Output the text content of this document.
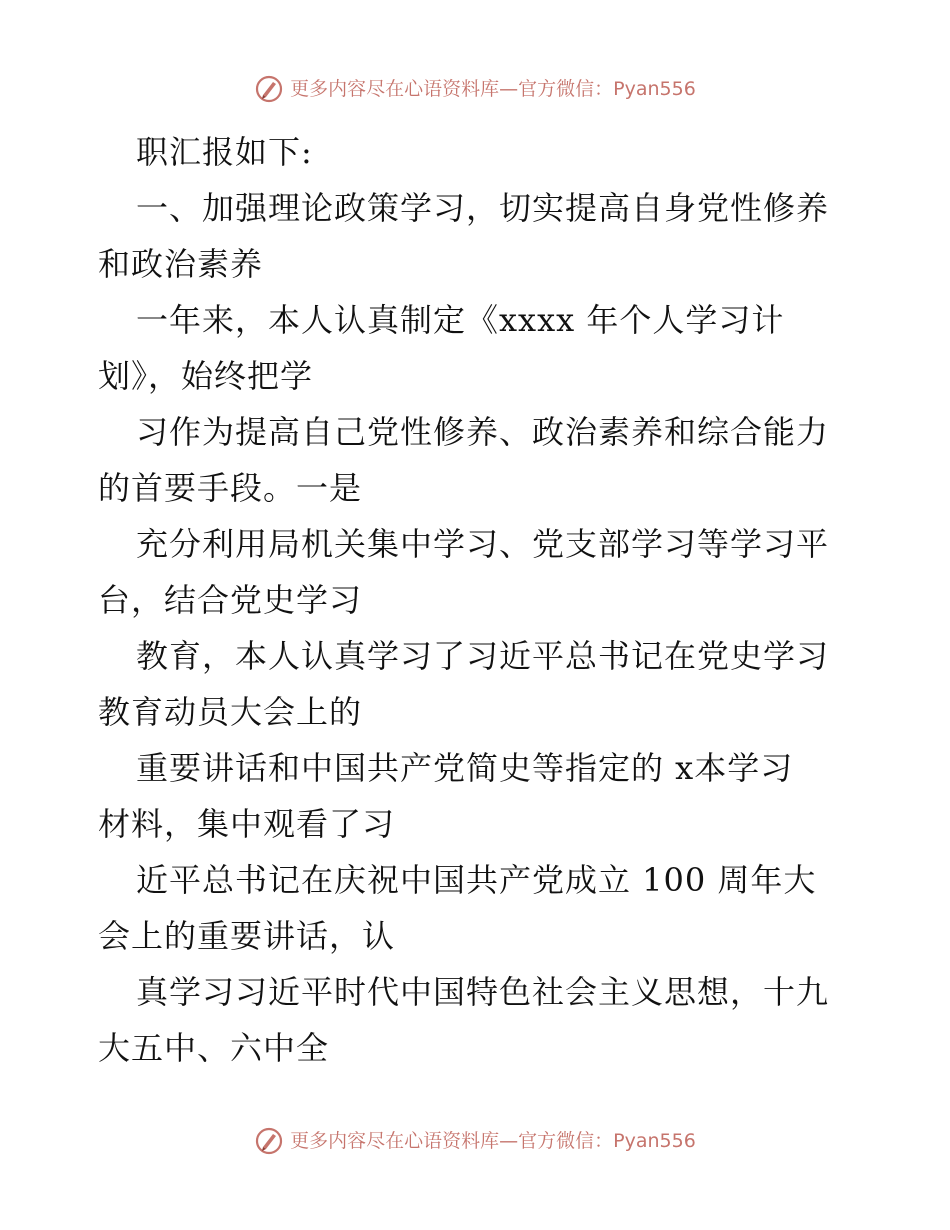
更多内容尽在心语资料库—官方微信：Pyan556
职汇报如下:
一、加强理论政策学习，切实提高自身党性修养
和政治素养
一年来，本人认真制定《xxxx 年个人学习计
划》，始终把学
习作为提高自己党性修养、政治素养和综合能力
的首要手段。一是
充分利用局机关集中学习、党支部学习等学习平
台，结合党史学习
教育，本人认真学习了习近平总书记在党史学习
教育动员大会上的
重要讲话和中国共产党简史等指定的 x本学习
材料，集中观看了习
近平总书记在庆祝中国共产党成立 100 周年大
会上的重要讲话，认
真学习习近平时代中国特色社会主义思想，十九
大五中、六中全
更多内容尽在心语资料库—官方微信：Pyan556
